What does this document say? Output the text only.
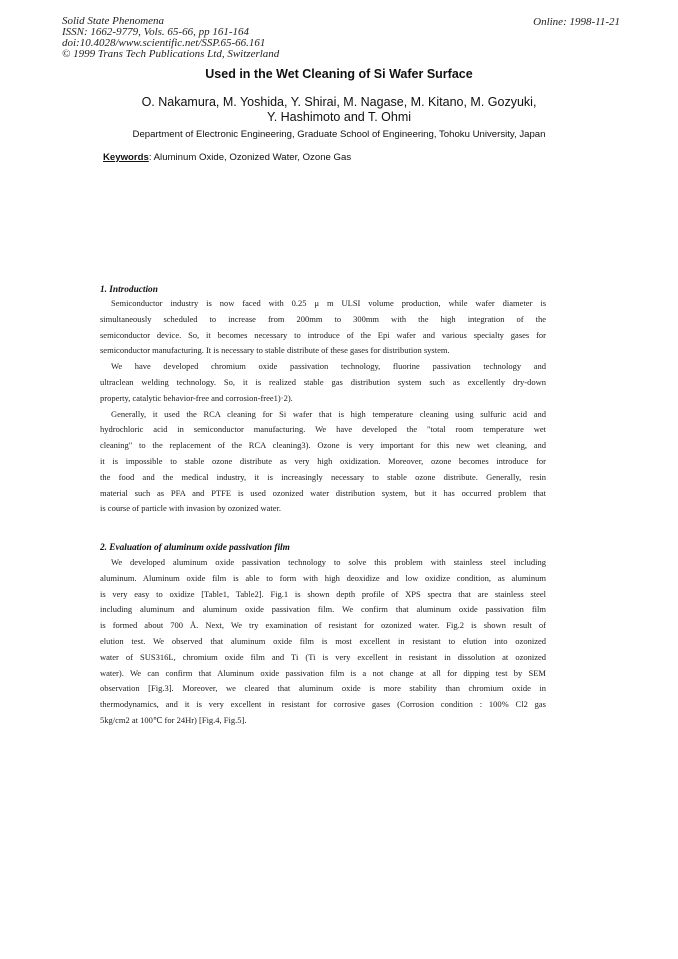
Solid State Phenomena
ISSN: 1662-9779, Vols. 65-66, pp 161-164
doi:10.4028/www.scientific.net/SSP.65-66.161
© 1999 Trans Tech Publications Ltd, Switzerland
Online: 1998-11-21
Used in the Wet Cleaning of Si Wafer Surface
O. Nakamura, M. Yoshida, Y. Shirai, M. Nagase, M. Kitano, M. Gozyuki,
Y. Hashimoto and T. Ohmi
Department of Electronic Engineering, Graduate School of Engineering, Tohoku University, Japan
Keywords: Aluminum Oxide, Ozonized Water, Ozone Gas
1. Introduction
Semiconductor industry is now faced with 0.25 μ m ULSI volume production, while wafer diameter is
simultaneously scheduled to increase from 200mm to 300mm with the high integration of the
semiconductor device. So, it becomes necessary to introduce of the Epi wafer and various specialty gases for
semiconductor manufacturing. It is necessary to stable distribute of these gases for distribution system.
We have developed chromium oxide passivation technology, fluorine passivation technology and
ultraclean welding technology. So, it is realized stable gas distribution system such as excellently dry-down
property, catalytic behavior-free and corrosion-free1)·2).
Generally, it used the RCA cleaning for Si wafer that is high temperature cleaning using sulfuric acid and
hydrochloric acid in semiconductor manufacturing. We have developed the "total room temperature wet
cleaning" to the replacement of the RCA cleaning3). Ozone is very important for this new wet cleaning, and
it is impossible to stable ozone distribute as very high oxidization. Moreover, ozone becomes introduce for
the food and the medical industry, it is increasingly necessary to stable ozone distribute. Generally, resin
material such as PFA and PTFE is used ozonized water distribution system, but it has occurred problem that
is course of particle with invasion by ozonized water.
2. Evaluation of aluminum oxide passivation film
We developed aluminum oxide passivation technology to solve this problem with stainless steel including
aluminum. Aluminum oxide film is able to form with high deoxidize and low oxidize condition, as aluminum
is very easy to oxidize [Table1, Table2]. Fig.1 is shown depth profile of XPS spectra that are stainless steel
including aluminum and aluminum oxide passivation film. We confirm that aluminum oxide passivation film
is formed about 700 Å. Next, We try examination of resistant for ozonized water. Fig.2 is shown result of
elution test. We observed that aluminum oxide film is most excellent in resistant to elution into ozonized
water of SUS316L, chromium oxide film and Ti (Ti is very excellent in resistant in dissolution at ozonized
water). We can confirm that Aluminum oxide passivation film is a not change at all for dipping test by SEM
observation [Fig.3]. Moreover, we cleared that aluminum oxide is more stability than chromium oxide in
thermodynamics, and it is very excellent in resistant for corrosive gases (Corrosion condition : 100% Cl2 gas
5kg/cm2 at 100℃ for 24Hr) [Fig.4, Fig.5].
